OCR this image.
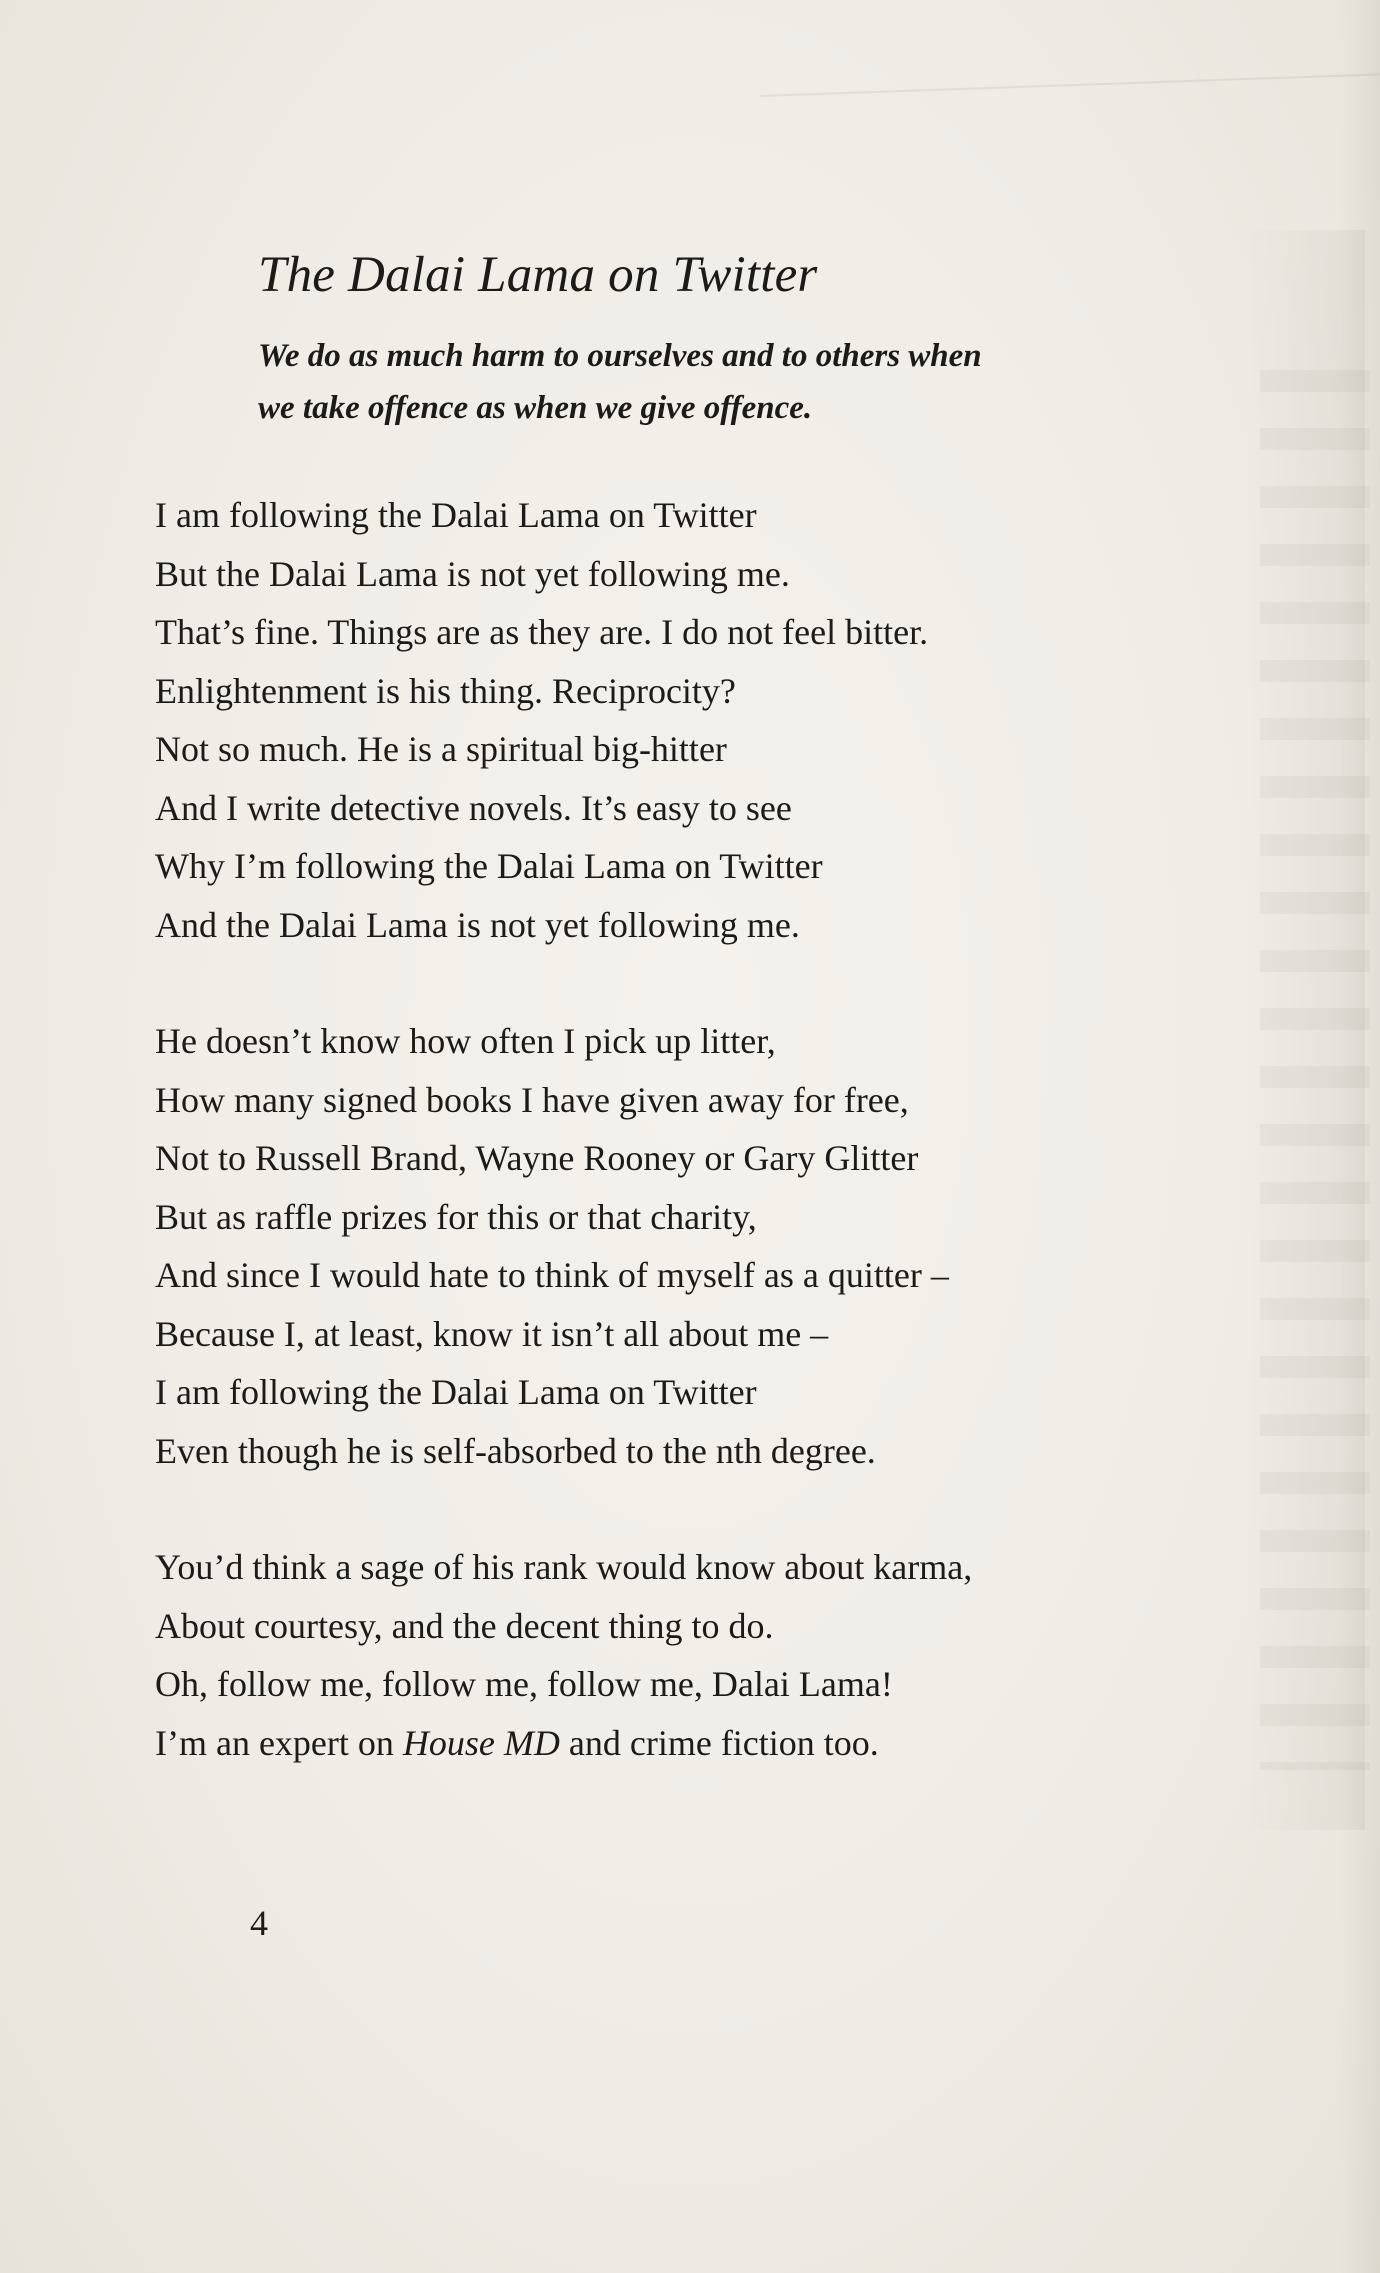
The Dalai Lama on Twitter
We do as much harm to ourselves and to others when
we take offence as when we give offence.
I am following the Dalai Lama on Twitter
But the Dalai Lama is not yet following me.
That’s fine. Things are as they are. I do not feel bitter.
Enlightenment is his thing. Reciprocity?
Not so much. He is a spiritual big-hitter
And I write detective novels. It’s easy to see
Why I’m following the Dalai Lama on Twitter
And the Dalai Lama is not yet following me.
He doesn’t know how often I pick up litter,
How many signed books I have given away for free,
Not to Russell Brand, Wayne Rooney or Gary Glitter
But as raffle prizes for this or that charity,
And since I would hate to think of myself as a quitter –
Because I, at least, know it isn’t all about me –
I am following the Dalai Lama on Twitter
Even though he is self-absorbed to the nth degree.
You’d think a sage of his rank would know about karma,
About courtesy, and the decent thing to do.
Oh, follow me, follow me, follow me, Dalai Lama!
I’m an expert on House MD and crime fiction too.
4
